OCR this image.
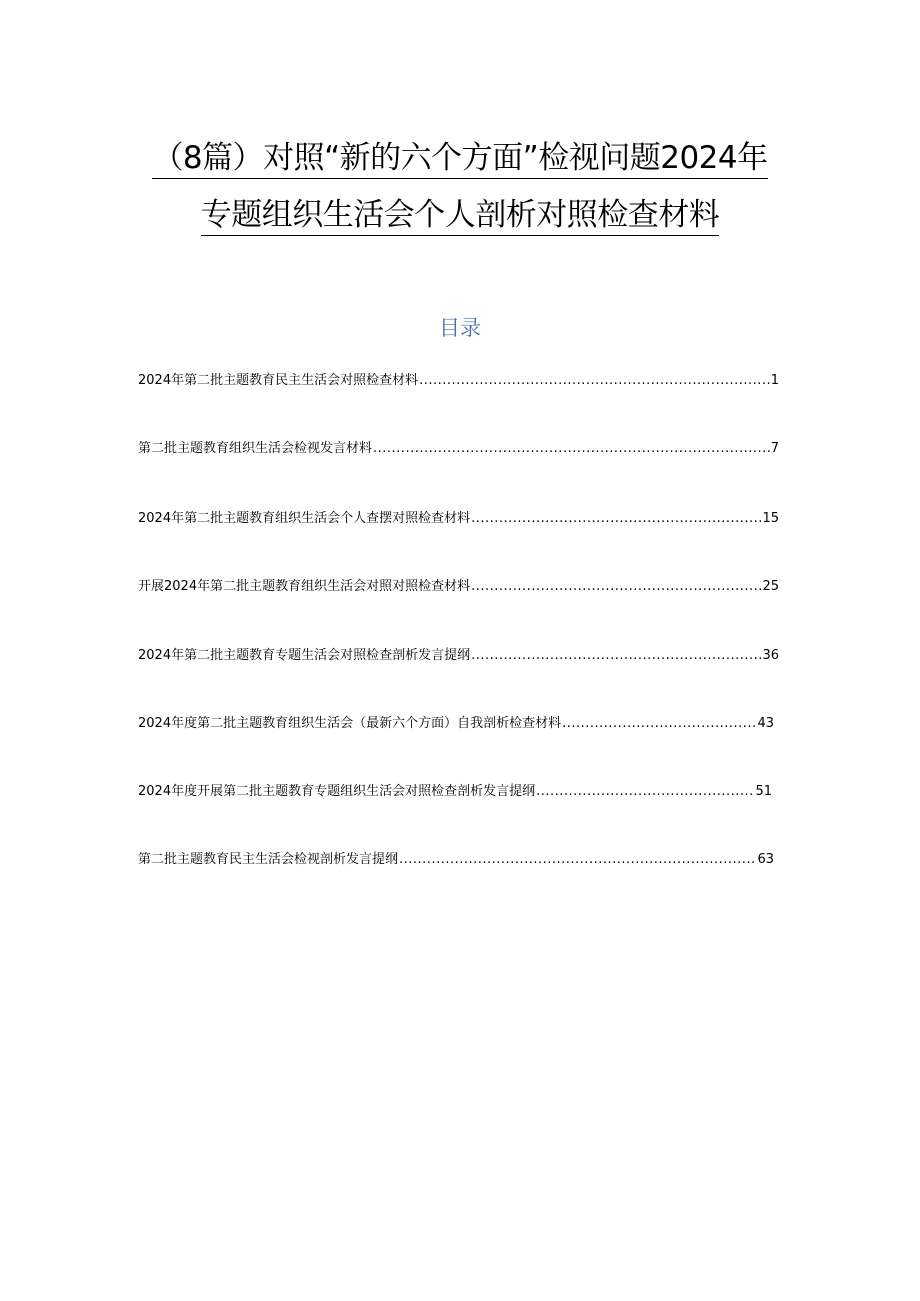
（8篇）对照“新的六个方面”检视问题2024年
专题组织生活会个人剖析对照检查材料
目录
2024年第二批主题教育民主生活会对照检查材料 .....	1
第二批主题教育组织生活会检视发言材料 .....	7
2024年第二批主题教育组织生活会个人查摆对照检查材料 .....	15
开展2024年第二批主题教育组织生活会对照对照检查材料 .....	25
2024年第二批主题教育专题生活会对照检查剖析发言提纲 .....	36
2024年度第二批主题教育组织生活会（最新六个方面）自我剖析检查材料 .....	43
2024年度开展第二批主题教育专题组织生活会对照检查剖析发言提纲 .....	51
第二批主题教育民主生活会检视剖析发言提纲 .....	63
